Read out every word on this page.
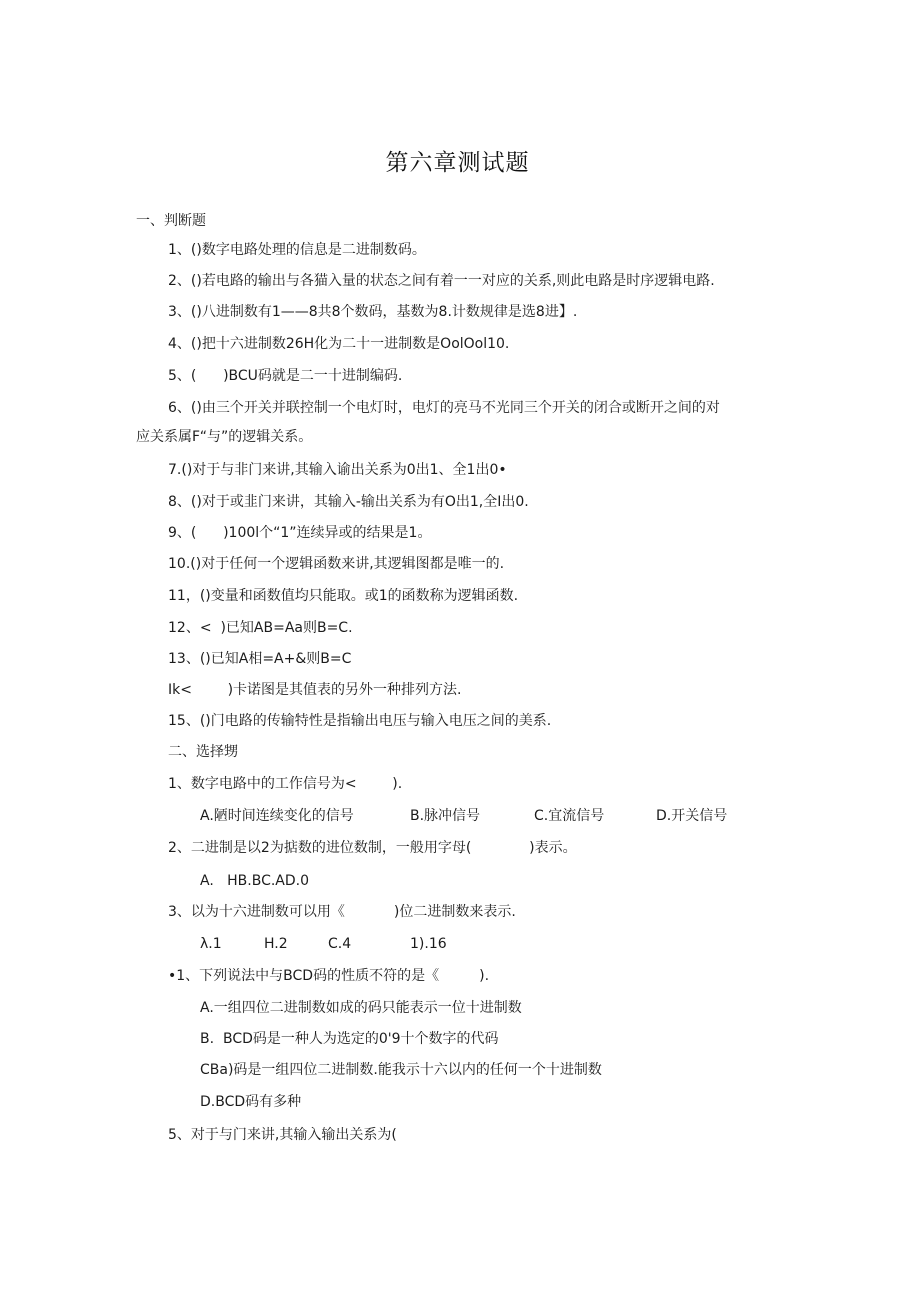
第六章测试题
一、判断题
1、()数字电路处理的信息是二进制数码。
2、()若电路的输出与各猫入量的状态之间有着一一对应的关系,则此电路是时序逻辑电路.
3、()八进制数有1——8共8个数码，基数为8.计数规律是选8进】.
4、()把十六进制数26H化为二十一进制数是OolOol10.
5、(      )BCU码就是二一十进制编码.
6、()由三个开关并联控制一个电灯时，电灯的亮马不光同三个开关的闭合或断开之间的对
应关系属F“与”的逻辑关系。
7.()对于与非门来讲,其输入谕出关系为0出1、全1出0•
8、()对于或韭门来讲，其输入-输出关系为有O出1,全I出0.
9、(      )100l个“1”连续异或的结果是1。
10.()对于任何一个逻辑函数来讲,其逻辑图都是唯一的.
11，()变量和函数值均只能取。或1的函数称为逻辑函数.
12、<  )已知AB=Aa则B=C.
13、()已知A相=A+&则B=C
Ik<        )卡诺图是其值表的另外一种排列方法.
15、()门电路的传输特性是指输出电压与输入电压之间的美系.
二、选择甥
1、数字电路中的工作信号为<        ).
A.陋时间连续变化的信号	B.脉冲信号	C.宜流信号	D.开关信号
2、二进制是以2为掂数的进位数制，一般用字母(             )表示。
A.   HB.BC.AD.0
3、以为十六进制数可以用《           )位二进制数来表示.
λ.1	H.2	C.4	1).16
•1、下列说法中与BCD码的性质不符的是《         ).
A.一组四位二进制数如成的码只能表示一位十进制数
B.  BCD码是一种人为选定的0'9十个数字的代码
CBa)码是一组四位二进制数.能我示十六以内的任何一个十进制数
D.BCD码有多种
5、对于与门来讲,其输入输出关系为(
